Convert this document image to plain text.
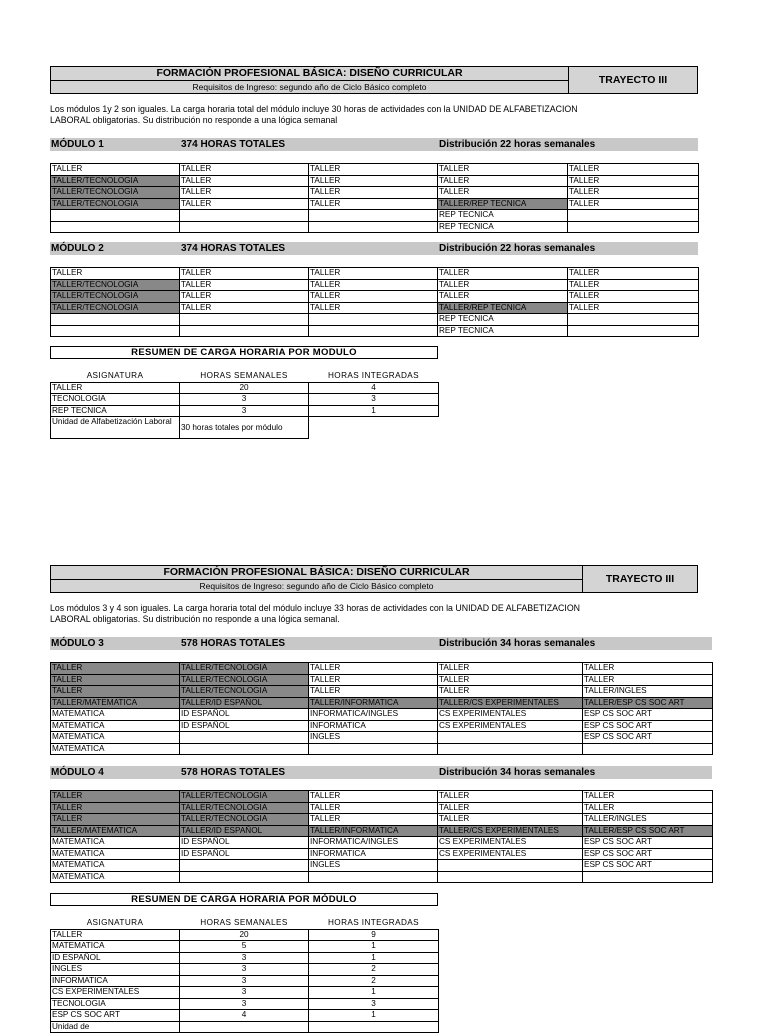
FORMACIÓN PROFESIONAL BÁSICA: DISEÑO CURRICULAR
Requisitos de Ingreso: segundo año de Ciclo Básico completo
TRAYECTO III
Los módulos 1y 2 son iguales. La carga horaria total del módulo incluye 30 horas de actividades con la UNIDAD DE ALFABETIZACION
LABORAL obligatorias. Su distribución no responde a una lógica semanal
MÓDULO 1	374 HORAS TOTALES	Distribución 22 horas semanales
TALLER	TALLER	TALLER	TALLER	TALLER
TALLER/TECNOLOGIA	TALLER	TALLER	TALLER	TALLER
TALLER/TECNOLOGIA	TALLER	TALLER	TALLER	TALLER
TALLER/TECNOLOGIA	TALLER	TALLER	TALLER/REP TECNICA	TALLER
			REP TECNICA	
			REP TECNICA	
MÓDULO 2	374 HORAS TOTALES	Distribución 22 horas semanales
TALLER	TALLER	TALLER	TALLER	TALLER
TALLER/TECNOLOGIA	TALLER	TALLER	TALLER	TALLER
TALLER/TECNOLOGIA	TALLER	TALLER	TALLER	TALLER
TALLER/TECNOLOGIA	TALLER	TALLER	TALLER/REP TECNICA	TALLER
			REP TECNICA	
			REP TECNICA	
RESUMEN DE CARGA HORARIA POR MODULO
ASIGNATURA	HORAS SEMANALES	HORAS INTEGRADAS
TALLER	20	4
TECNOLOGIA	3	3
REP TECNICA	3	1
Unidad de Alfabetización Laboral	30 horas totales por módulo	
FORMACIÓN PROFESIONAL BÁSICA: DISEÑO CURRICULAR
Requisitos de Ingreso: segundo año de Ciclo Básico completo
TRAYECTO III
Los módulos 3 y 4 son iguales. La carga horaria total del módulo incluye 33 horas de actividades con la UNIDAD DE ALFABETIZACION
LABORAL obligatorias. Su distribución no responde a una lógica semanal.
MÓDULO 3	578 HORAS TOTALES	Distribución 34 horas semanales
TALLER	TALLER/TECNOLOGIA	TALLER	TALLER	TALLER
TALLER	TALLER/TECNOLOGIA	TALLER	TALLER	TALLER
TALLER	TALLER/TECNOLOGIA	TALLER	TALLER	TALLER/INGLES
TALLER/MATEMATICA	TALLER/ID ESPAÑOL	TALLER/INFORMATICA	TALLER/CS EXPERIMENTALES	TALLER/ESP CS SOC ART
MATEMATICA	ID ESPAÑOL	INFORMATICA/INGLES	CS EXPERIMENTALES	ESP CS SOC ART
MATEMATICA	ID ESPAÑOL	INFORMATICA	CS EXPERIMENTALES	ESP CS SOC ART
MATEMATICA		INGLES		ESP CS SOC ART
MATEMATICA				
MÓDULO 4	578 HORAS TOTALES	Distribución 34 horas semanales
TALLER	TALLER/TECNOLOGIA	TALLER	TALLER	TALLER
TALLER	TALLER/TECNOLOGIA	TALLER	TALLER	TALLER
TALLER	TALLER/TECNOLOGIA	TALLER	TALLER	TALLER/INGLES
TALLER/MATEMATICA	TALLER/ID ESPAÑOL	TALLER/INFORMATICA	TALLER/CS EXPERIMENTALES	TALLER/ESP CS SOC ART
MATEMATICA	ID ESPAÑOL	INFORMATICA/INGLES	CS EXPERIMENTALES	ESP CS SOC ART
MATEMATICA	ID ESPAÑOL	INFORMATICA	CS EXPERIMENTALES	ESP CS SOC ART
MATEMATICA		INGLES		ESP CS SOC ART
MATEMATICA				
RESUMEN DE CARGA HORARIA POR MÓDULO
ASIGNATURA	HORAS SEMANALES	HORAS INTEGRADAS
TALLER	20	9
MATEMATICA	5	1
ID ESPAÑOL	3	1
INGLES	3	2
INFORMATICA	3	2
CS EXPERIMENTALES	3	1
TECNOLOGIA	3	3
ESP CS SOC ART	4	1
Unidad de		
